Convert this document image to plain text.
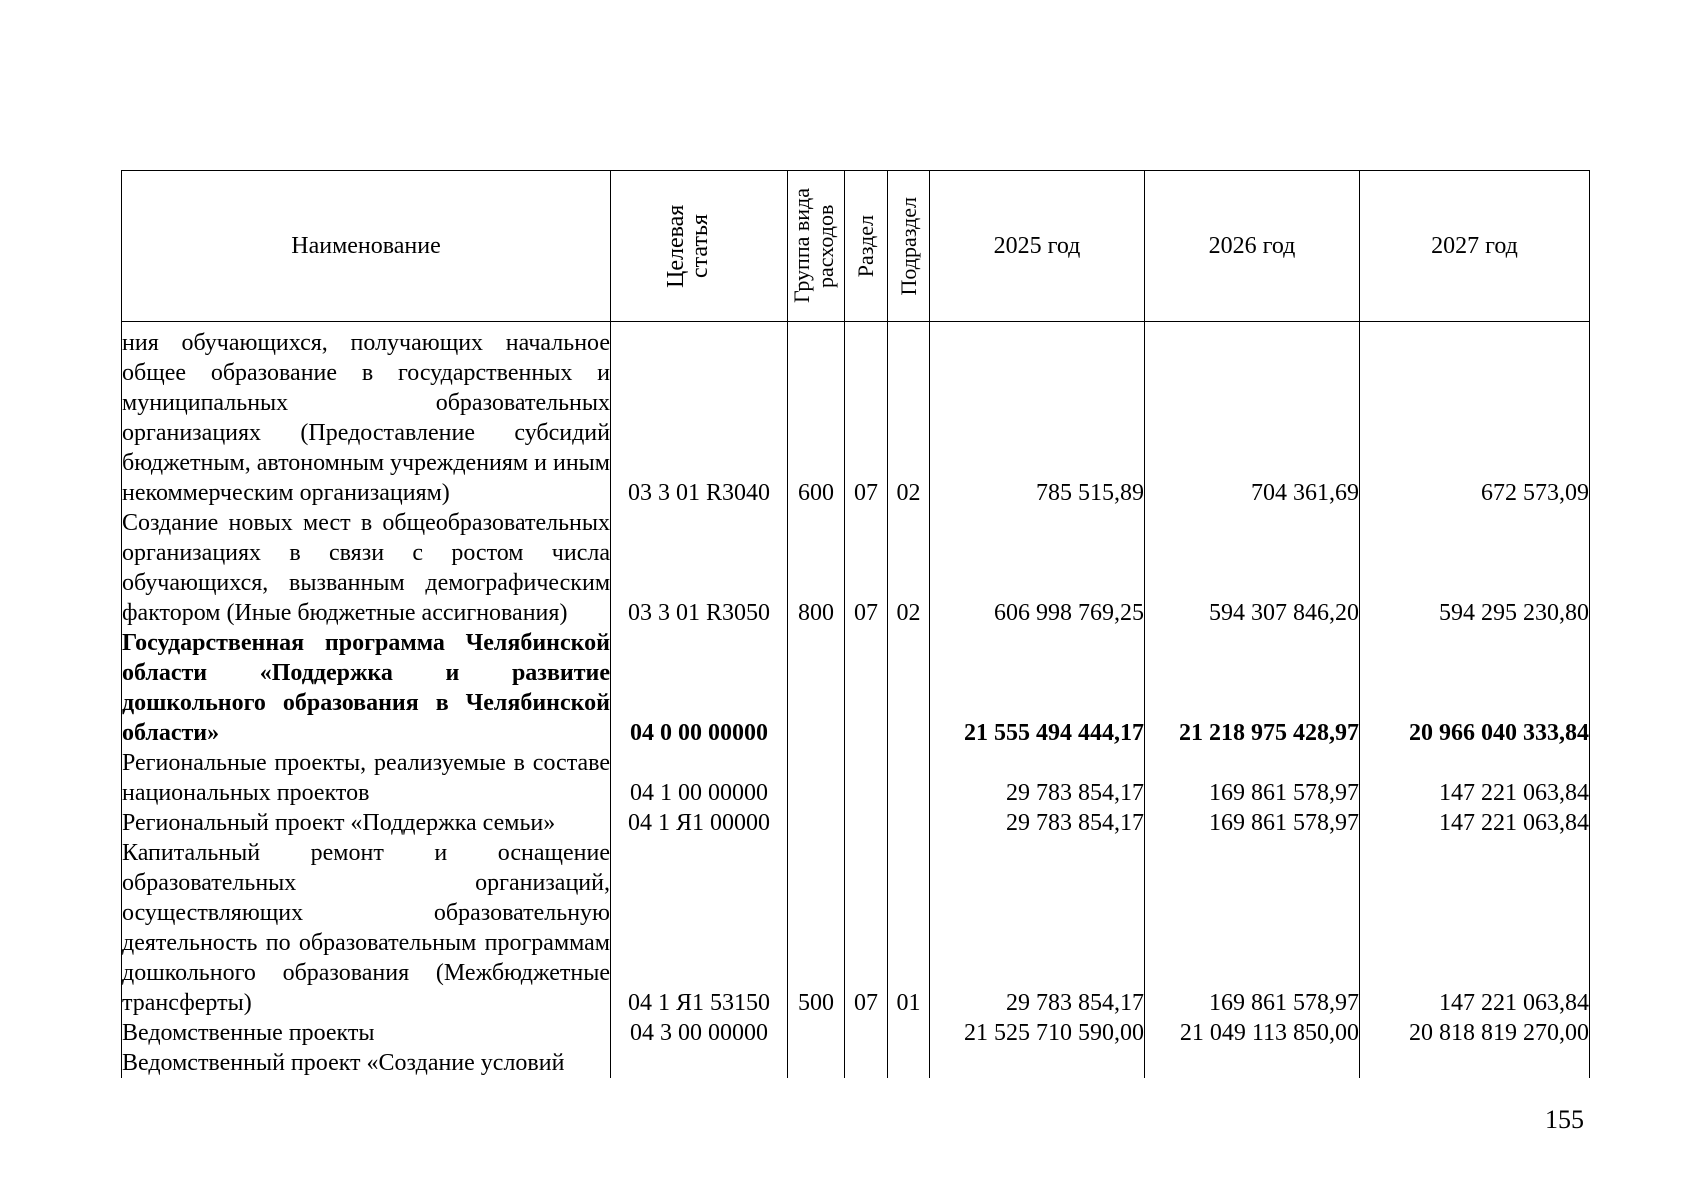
Наименование	Целевая статья	Группа вида расходов	Раздел	Подраздел	2025 год	2026 год	2027 год
ния обучающихся, получающих начальное общее образование в государственных и муниципальных образовательных организациях (Предоставление субсидий бюджетным, автономным учреждениям и иным некоммерческим организациям)	03 3 01 R3040	600	07	02	785 515,89	704 361,69	672 573,09
Создание новых мест в общеобразовательных организациях в связи с ростом числа обучающихся, вызванным демографическим фактором (Иные бюджетные ассигнования)	03 3 01 R3050	800	07	02	606 998 769,25	594 307 846,20	594 295 230,80
Государственная программа Челябинской области «Поддержка и развитие дошкольного образования в Челябинской области»	04 0 00 00000				21 555 494 444,17	21 218 975 428,97	20 966 040 333,84
Региональные проекты, реализуемые в составе национальных проектов	04 1 00 00000				29 783 854,17	169 861 578,97	147 221 063,84
Региональный проект «Поддержка семьи»	04 1 Я1 00000				29 783 854,17	169 861 578,97	147 221 063,84
Капитальный ремонт и оснащение образовательных организаций, осуществляющих образовательную деятельность по образовательным программам дошкольного образования (Межбюджетные трансферты)	04 1 Я1 53150	500	07	01	29 783 854,17	169 861 578,97	147 221 063,84
Ведомственные проекты	04 3 00 00000				21 525 710 590,00	21 049 113 850,00	20 818 819 270,00
Ведомственный проект «Создание условий							
155
